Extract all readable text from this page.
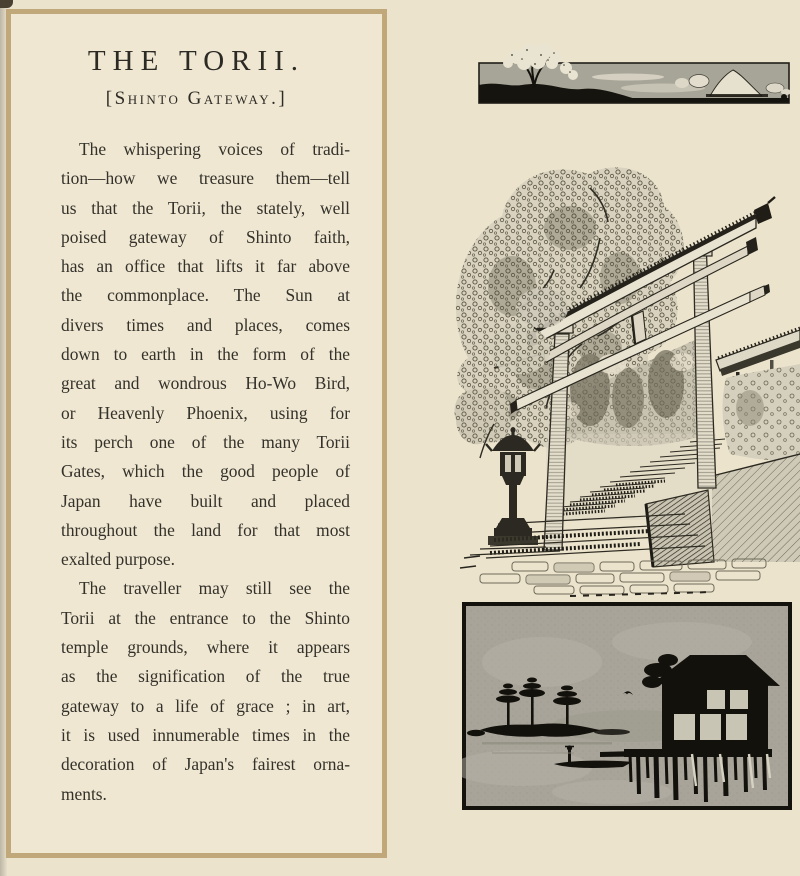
THE TORII.
[Shinto Gateway.]
The whispering voices of tradi-
tion—how we treasure them—tell
us that the Torii, the stately, well
poised gateway of Shinto faith,
has an office that lifts it far above
the commonplace. The Sun at
divers times and places, comes
down to earth in the form of the
great and wondrous Ho-Wo Bird,
or Heavenly Phoenix, using for
its perch one of the many Torii
Gates, which the good people of
Japan have built and placed
throughout the land for that most
exalted purpose.
The traveller may still see the
Torii at the entrance to the Shinto
temple grounds, where it appears
as the signification of the true
gateway to a life of grace ; in art,
it is used innumerable times in the
decoration of Japan's fairest orna-
ments.
